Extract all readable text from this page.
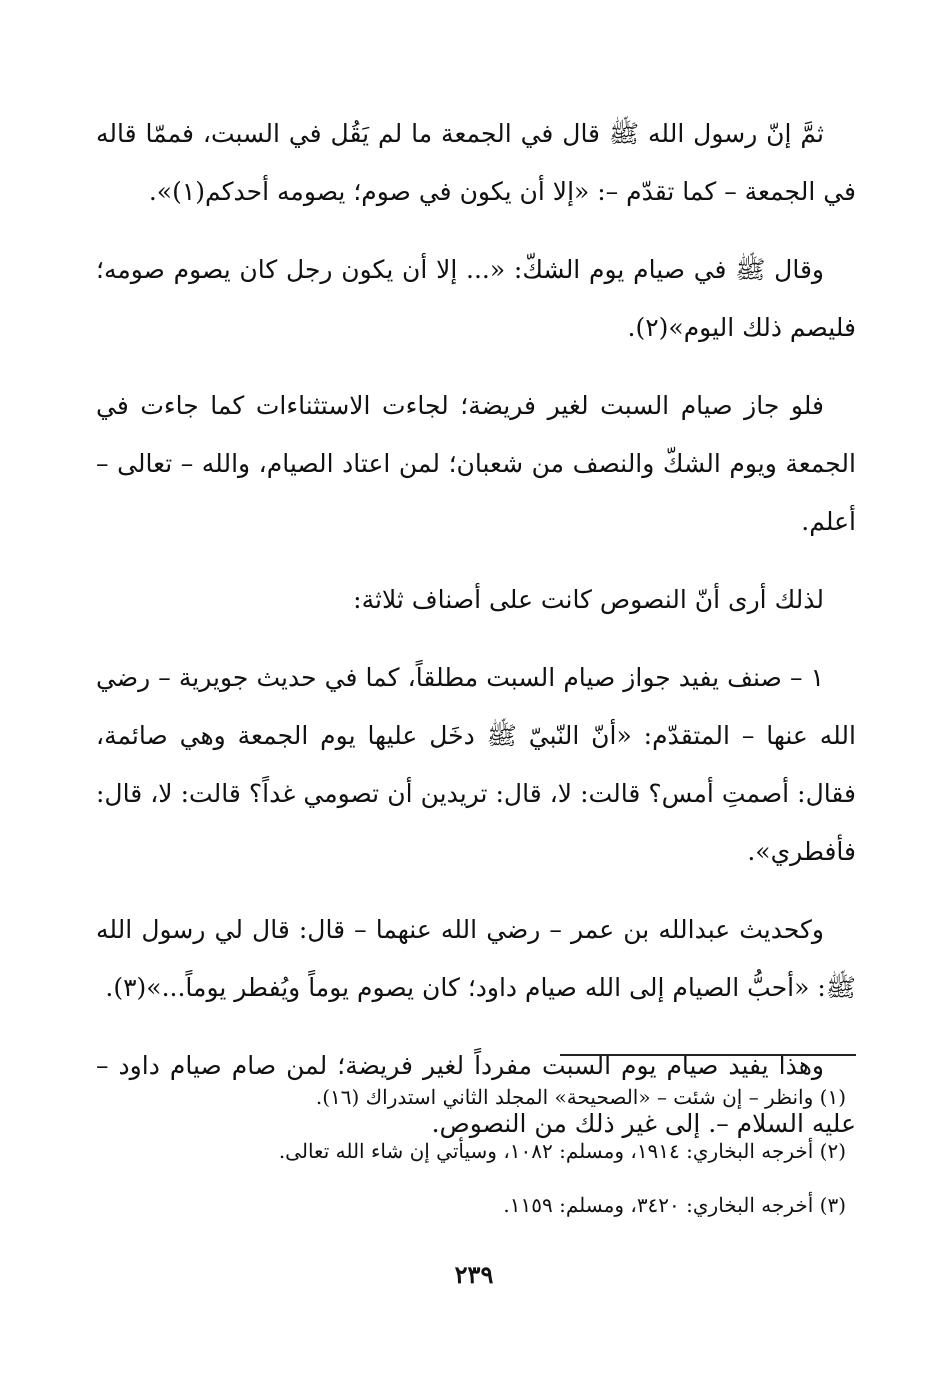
ثمَّ إنّ رسول الله ﷺ قال في الجمعة ما لم يَقُل في السبت، فممّا قاله في الجمعة – كما تقدّم –: «إلا أن يكون في صوم؛ يصومه أحدكم(١)».

وقال ﷺ في صيام يوم الشكّ: «... إلا أن يكون رجل كان يصوم صومه؛ فليصم ذلك اليوم»(٢).

فلو جاز صيام السبت لغير فريضة؛ لجاءت الاستثناءات كما جاءت في الجمعة ويوم الشكّ والنصف من شعبان؛ لمن اعتاد الصيام، والله – تعالى – أعلم.

لذلك أرى أنّ النصوص كانت على أصناف ثلاثة:

١ – صنف يفيد جواز صيام السبت مطلقاً، كما في حديث جويرية – رضي الله عنها – المتقدّم: «أنّ النّبيّ ﷺ دخَل عليها يوم الجمعة وهي صائمة، فقال: أصمتِ أمس؟ قالت: لا، قال: تريدين أن تصومي غداً؟ قالت: لا، قال: فأفطري».

وكحديث عبدالله بن عمر – رضي الله عنهما – قال: قال لي رسول الله ﷺ: «أحبُّ الصيام إلى الله صيام داود؛ كان يصوم يوماً ويُفطر يوماً...»(٣).

وهذا يفيد صيام يوم السبت مفرداً لغير فريضة؛ لمن صام صيام داود – عليه السلام –. إلى غير ذلك من النصوص.

(١) وانظر – إن شئت – «الصحيحة» المجلد الثاني استدراك (١٦).

(٢) أخرجه البخاري: ١٩١٤، ومسلم: ١٠٨٢، وسيأتي إن شاء الله تعالى.

(٣) أخرجه البخاري: ٣٤٢٠، ومسلم: ١١٥٩.

٢٣٩
